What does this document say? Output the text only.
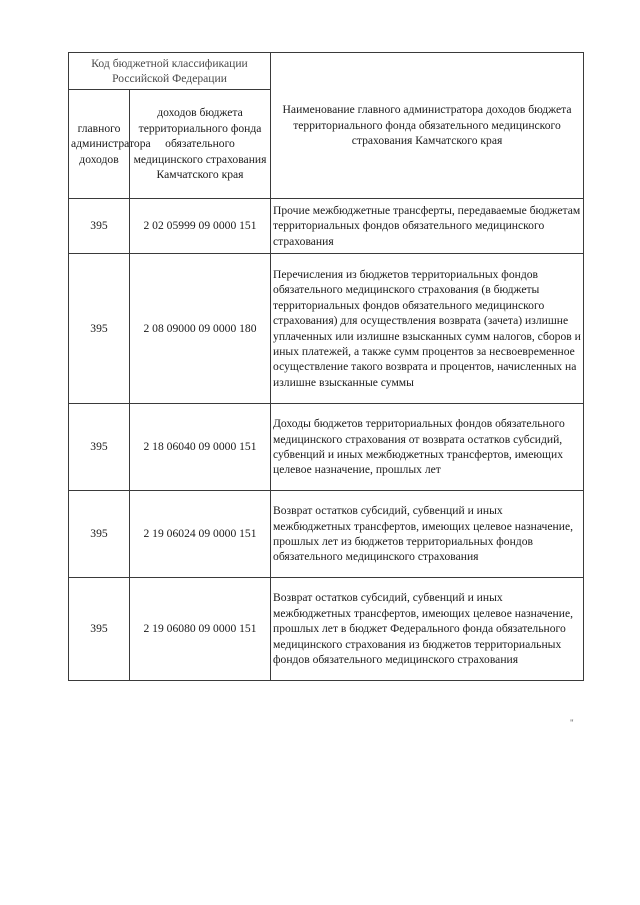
Код бюджетной классификации Российской Федерации		Наименование главного администратора доходов бюджета территориального фонда обязательного медицинского страхования Камчатского края
главного администратора доходов	доходов бюджета территориального фонда обязательного медицинского страхования Камчатского края	
395	2 02 05999 09 0000 151	Прочие межбюджетные трансферты, передаваемые бюджетам территориальных фондов обязательного медицинского страхования
395	2 08 09000 09 0000 180	Перечисления из бюджетов территориальных фондов обязательного медицинского страхования (в бюджеты территориальных фондов обязательного медицинского страхования) для осуществления возврата (зачета) излишне уплаченных или излишне взысканных сумм налогов, сборов и иных платежей, а также сумм процентов за несвоевременное осуществление такого возврата и процентов, начисленных на излишне взысканные суммы
395	2 18 06040 09 0000 151	Доходы бюджетов территориальных фондов обязательного медицинского страхования от возврата остатков субсидий, субвенций и иных межбюджетных трансфертов, имеющих целевое назначение, прошлых лет
395	2 19 06024 09 0000 151	Возврат остатков субсидий, субвенций и иных межбюджетных трансфертов, имеющих целевое назначение, прошлых лет из бюджетов территориальных фондов обязательного медицинского страхования
395	2 19 06080 09 0000 151	Возврат остатков субсидий, субвенций и иных межбюджетных трансфертов, имеющих целевое назначение, прошлых лет в бюджет Федерального фонда обязательного медицинского страхования из бюджетов территориальных фондов обязательного медицинского страхования
"
